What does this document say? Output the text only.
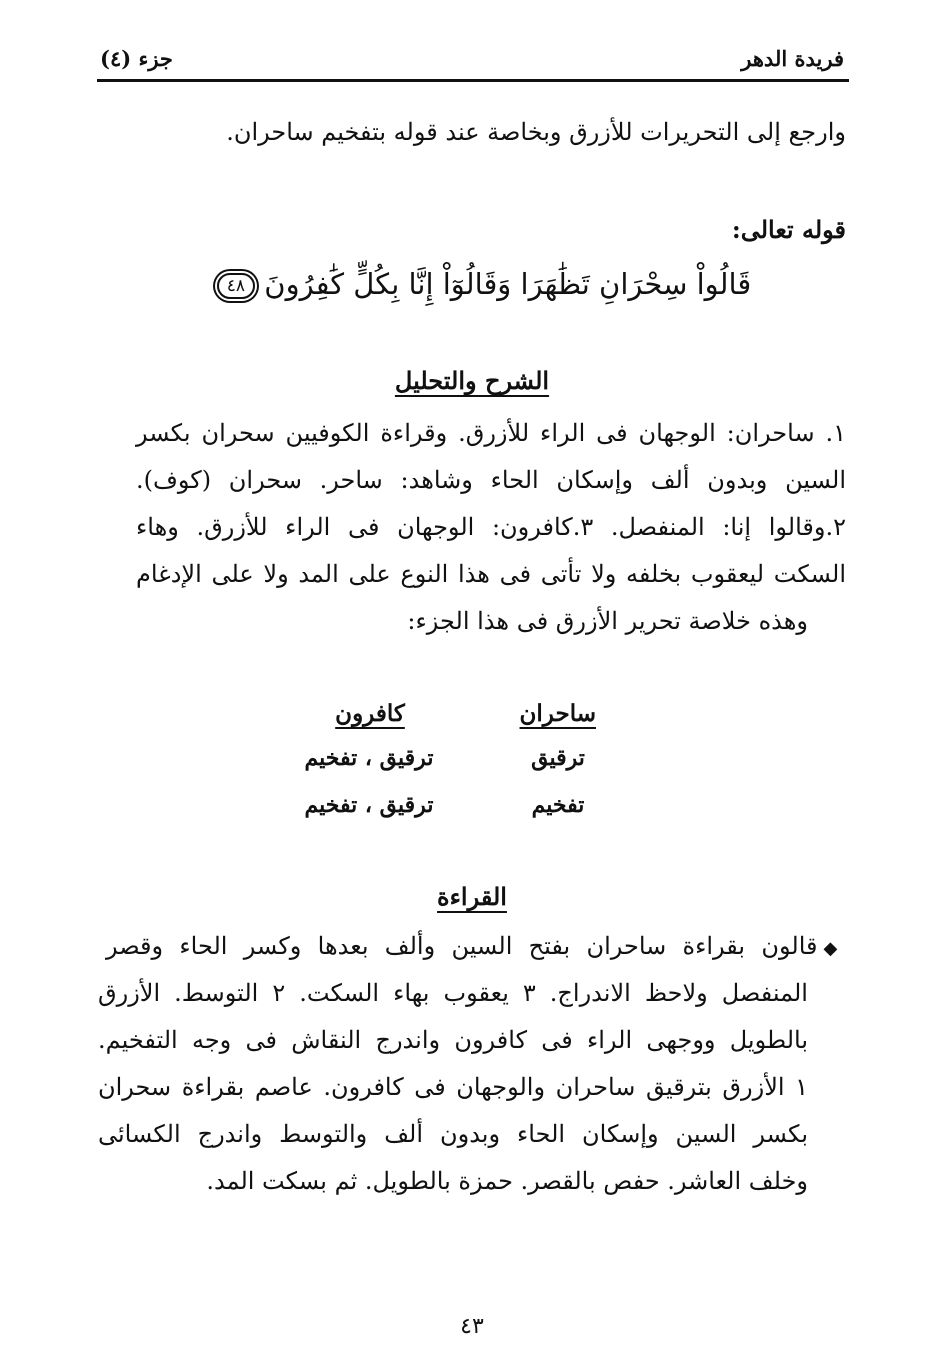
فريدة الدهر
جزء (٤)
وارجع إلى التحريرات للأزرق وبخاصة عند قوله بتفخيم ساحران.
قوله تعالى:
قَالُواْ سِحْرَانِ تَظَٰهَرَا وَقَالُوٓاْ إِنَّا بِكُلٍّ كَٰفِرُونَ ٤٨
الشرح والتحليل
١. ساحران: الوجهان فى الراء للأزرق. وقراءة الكوفيين سحران بكسر
السين وبدون ألف وإسكان الحاء وشاهد: ساحر. سحران (كوف).
٢.وقالوا إنا: المنفصل. ٣.كافرون: الوجهان فى الراء للأزرق. وهاء
السكت ليعقوب بخلفه ولا تأتى فى هذا النوع على المد ولا على الإدغام
وهذه خلاصة تحرير الأزرق فى هذا الجزء:
ساحران
كافرون
ترقيق
ترقيق ، تفخيم
تفخيم
ترقيق ، تفخيم
القراءة
◆قالون بقراءة ساحران بفتح السين وألف بعدها وكسر الحاء وقصر
المنفصل ولاحظ الاندراج. ٣ يعقوب بهاء السكت. ٢ التوسط. الأزرق
بالطويل ووجهى الراء فى كافرون واندرج النقاش فى وجه التفخيم.
١ الأزرق بترقيق ساحران والوجهان فى كافرون. عاصم بقراءة سحران
بكسر السين وإسكان الحاء وبدون ألف والتوسط واندرج الكسائى
وخلف العاشر. حفص بالقصر. حمزة بالطويل. ثم بسكت المد.
٤٣
